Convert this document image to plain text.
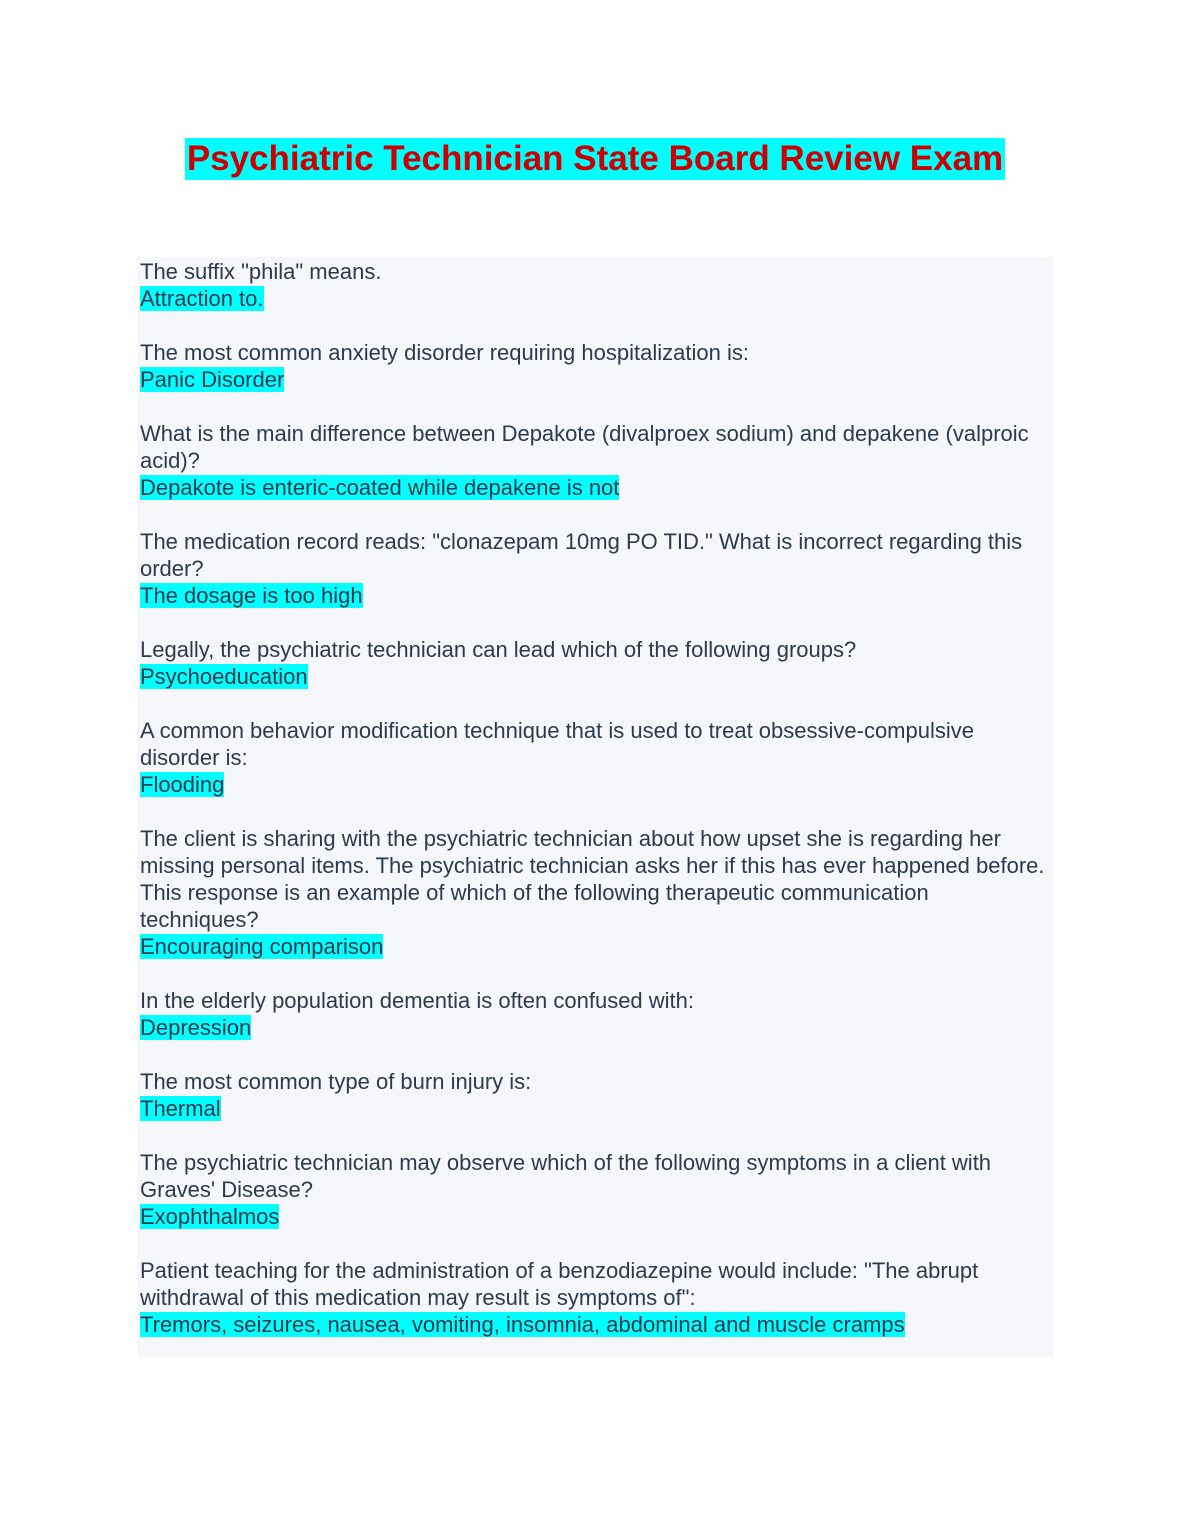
Psychiatric Technician State Board Review Exam

The suffix "phila" means.

Attraction to.

The most common anxiety disorder requiring hospitalization is:

Panic Disorder

What is the main difference between Depakote (divalproex sodium) and depakene (valproic acid)?

Depakote is enteric-coated while depakene is not

The medication record reads: "clonazepam 10mg PO TID." What is incorrect regarding this order?

The dosage is too high

Legally, the psychiatric technician can lead which of the following groups?

Psychoeducation

A common behavior modification technique that is used to treat obsessive-compulsive disorder is:

Flooding

The client is sharing with the psychiatric technician about how upset she is regarding her missing personal items. The psychiatric technician asks her if this has ever happened before. This response is an example of which of the following therapeutic communication techniques?

Encouraging comparison

In the elderly population dementia is often confused with:

Depression

The most common type of burn injury is:

Thermal

The psychiatric technician may observe which of the following symptoms in a client with Graves' Disease?

Exophthalmos

Patient teaching for the administration of a benzodiazepine would include: "The abrupt withdrawal of this medication may result is symptoms of":

Tremors, seizures, nausea, vomiting, insomnia, abdominal and muscle cramps
